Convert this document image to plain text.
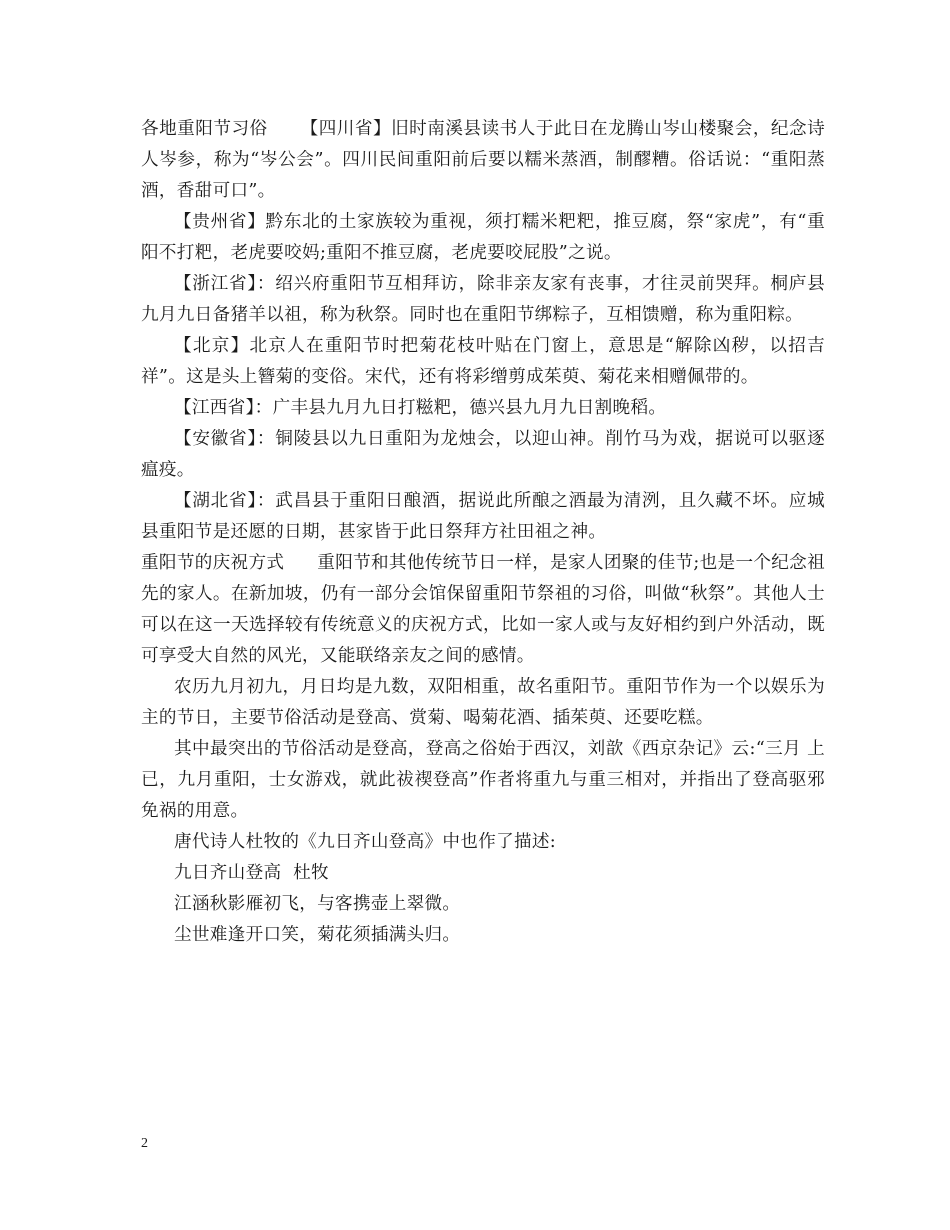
各地重阳节习俗 【四川省】旧时南溪县读书人于此日在龙腾山岑山楼聚会，纪念诗人岑参，称为“岑公会”。四川民间重阳前后要以糯米蒸酒，制醪糟。俗话说：“重阳蒸酒，香甜可口”。

【贵州省】黔东北的土家族较为重视，须打糯米粑粑，推豆腐，祭“家虎”，有“重阳不打粑，老虎要咬妈;重阳不推豆腐，老虎要咬屁股”之说。

【浙江省】：绍兴府重阳节互相拜访，除非亲友家有丧事，才往灵前哭拜。桐庐县九月九日备猪羊以祖，称为秋祭。同时也在重阳节绑粽子，互相馈赠，称为重阳粽。

【北京】北京人在重阳节时把菊花枝叶贴在门窗上，意思是“解除凶秽，以招吉祥”。这是头上簪菊的变俗。宋代，还有将彩缯剪成茱萸、菊花来相赠佩带的。

【江西省】：广丰县九月九日打糍粑，德兴县九月九日割晚稻。

【安徽省】：铜陵县以九日重阳为龙烛会，以迎山神。削竹马为戏，据说可以驱逐瘟疫。

【湖北省】：武昌县于重阳日酿酒，据说此所酿之酒最为清洌，且久藏不坏。应城县重阳节是还愿的日期，甚家皆于此日祭拜方社田祖之神。

重阳节的庆祝方式 重阳节和其他传统节日一样，是家人团聚的佳节;也是一个纪念祖先的家人。在新加坡，仍有一部分会馆保留重阳节祭祖的习俗，叫做“秋祭”。其他人士可以在这一天选择较有传统意义的庆祝方式，比如一家人或与友好相约到户外活动，既可享受大自然的风光，又能联络亲友之间的感情。

农历九月初九，月日均是九数，双阳相重，故名重阳节。重阳节作为一个以娱乐为主的节日，主要节俗活动是登高、赏菊、喝菊花酒、插茱萸、还要吃糕。

其中最突出的节俗活动是登高，登高之俗始于西汉，刘歆《西京杂记》云:“三月 上已，九月重阳，士女游戏，就此祓禊登高”作者将重九与重三相对，并指出了登高驱邪免祸的用意。

唐代诗人杜牧的《九日齐山登高》中也作了描述:

九日齐山登高  杜牧

江涵秋影雁初飞，与客携壶上翠微。

尘世难逢开口笑，菊花须插满头归。

2
